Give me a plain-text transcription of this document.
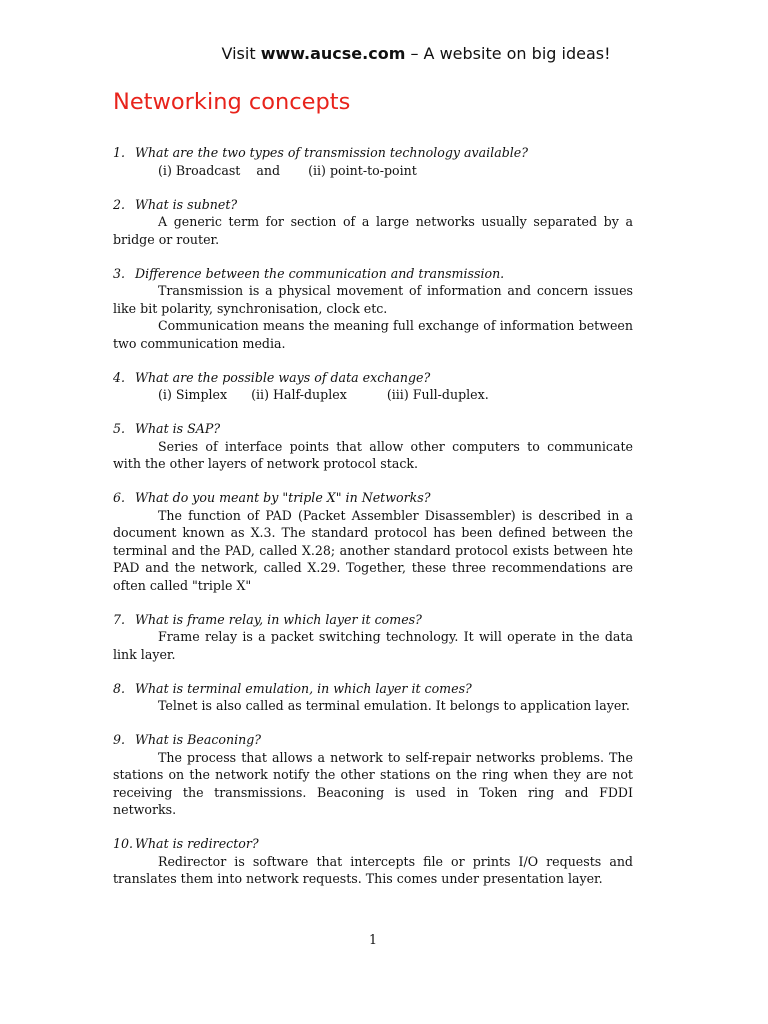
Visit www.aucse.com – A website on big ideas!
Networking concepts
1. What are the two types of transmission technology available?
(i) Broadcast    and       (ii) point-to-point
2. What is subnet?
A generic term for section of a large networks usually separated by a bridge or router.
3. Difference between the communication and transmission.
Transmission is a physical movement of information and concern issues like bit polarity, synchronisation, clock etc.
Communication means the meaning full exchange of information between two communication media.
4. What are the possible ways of data exchange?
(i) Simplex      (ii) Half-duplex          (iii) Full-duplex.
5. What is SAP?
Series of interface points that allow other computers to communicate with the other layers of network protocol stack.
6. What do you meant by "triple X" in Networks?
The function of PAD (Packet Assembler Disassembler) is described in a document known as X.3. The standard protocol has been defined between the terminal and the PAD, called X.28; another standard protocol exists between hte PAD and the network, called X.29. Together, these three recommendations are often called "triple X"
7. What is frame relay, in which layer it comes?
Frame relay is a packet switching technology. It will operate in the data link layer.
8. What is terminal emulation, in which layer it comes?
Telnet is also called as terminal emulation. It belongs to application layer.
9. What is Beaconing?
The process that allows a network to self-repair networks problems. The stations on the network notify the other stations on the ring when they are not receiving the transmissions. Beaconing is used in Token ring and FDDI networks.
10. What is redirector?
Redirector is software that intercepts file or prints I/O requests and translates them into network requests. This comes under presentation layer.
1
